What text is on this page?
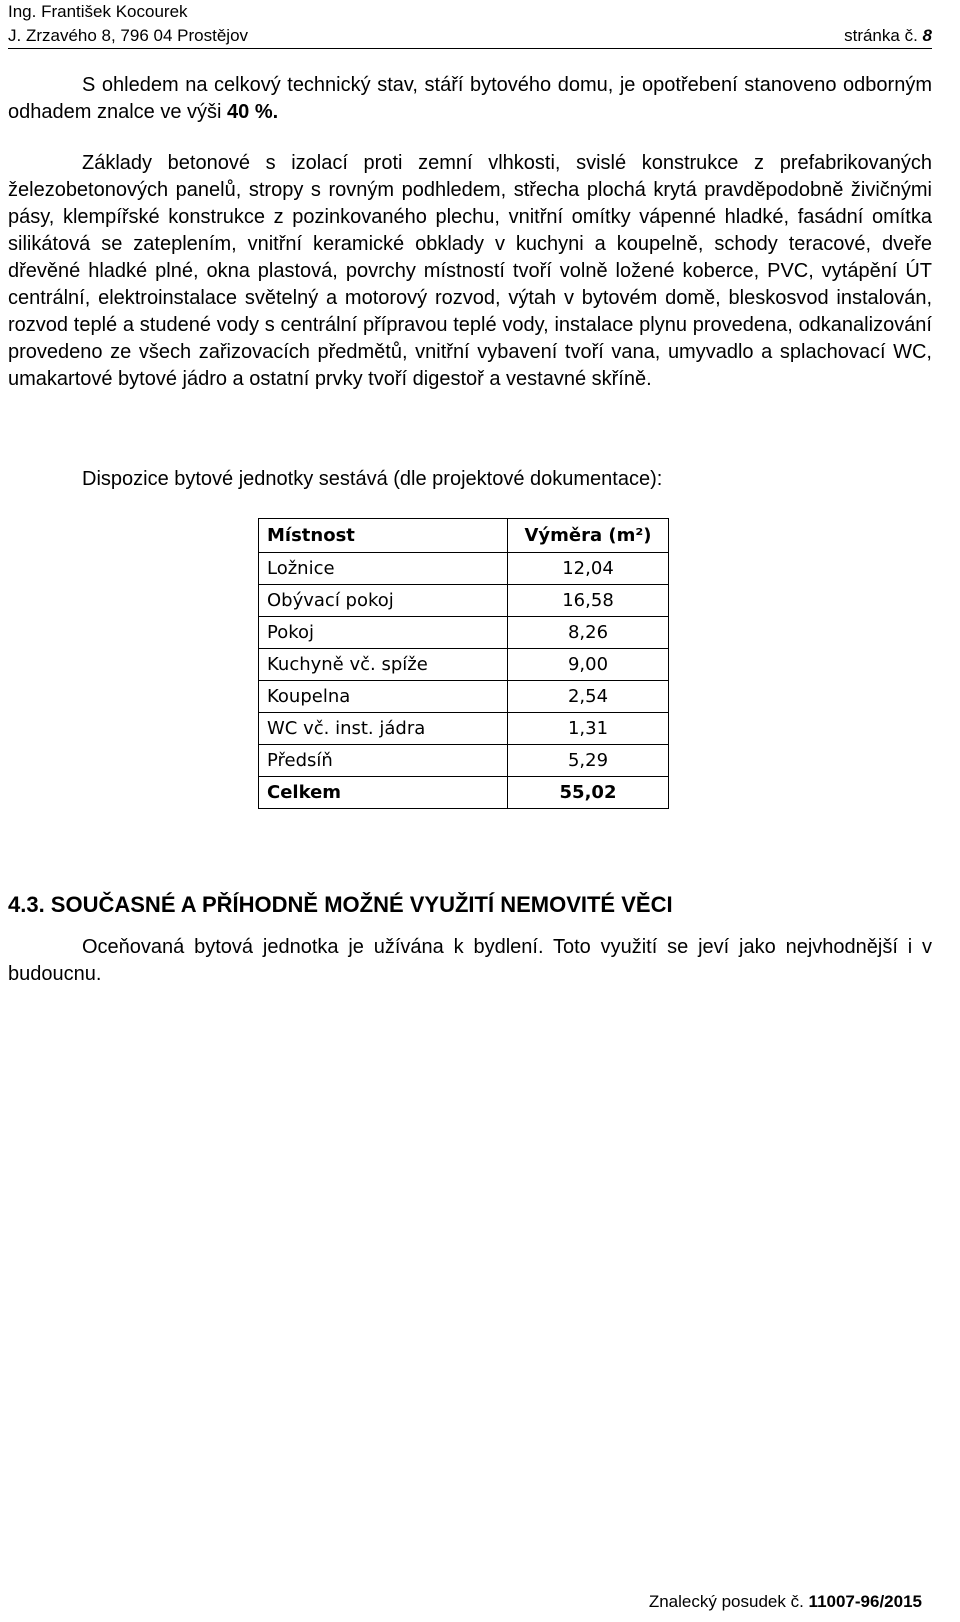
Ing. František Kocourek
J. Zrzavého 8, 796 04 Prostějov	stránka č. 8
S ohledem na celkový technický stav, stáří bytového domu, je opotřebení stanoveno odborným odhadem znalce ve výši 40 %.
Základy betonové s izolací proti zemní vlhkosti, svislé konstrukce z prefabrikovaných železobetonových panelů, stropy s rovným podhledem, střecha plochá krytá pravděpodobně živičnými pásy, klempířské konstrukce z pozinkovaného plechu, vnitřní omítky vápenné hladké, fasádní omítka silikátová se zateplením, vnitřní keramické obklady v kuchyni a koupelně, schody teracové, dveře dřevěné hladké plné, okna plastová, povrchy místností tvoří volně ložené koberce, PVC, vytápění ÚT centrální, elektroinstalace světelný a motorový rozvod, výtah v bytovém domě, bleskosvod instalován, rozvod teplé a studené vody s centrální přípravou teplé vody, instalace plynu provedena, odkanalizování provedeno ze všech zařizovacích předmětů, vnitřní vybavení tvoří vana, umyvadlo a splachovací WC, umakartové bytové jádro a ostatní prvky tvoří digestoř a vestavné skříně.
Dispozice bytové jednotky sestává (dle projektové dokumentace):
Místnost	Výměra (m²)
Ložnice	12,04
Obývací pokoj	16,58
Pokoj	8,26
Kuchyně vč. spíže	9,00
Koupelna	2,54
WC vč. inst. jádra	1,31
Předsíň	5,29
Celkem	55,02
4.3. SOUČASNÉ A PŘÍHODNĚ MOŽNÉ VYUŽITÍ NEMOVITÉ VĚCI
Oceňovaná bytová jednotka je užívána k bydlení. Toto využití se jeví jako nejvhodnější i v budoucnu.
Znalecký posudek č. 11007-96/2015
